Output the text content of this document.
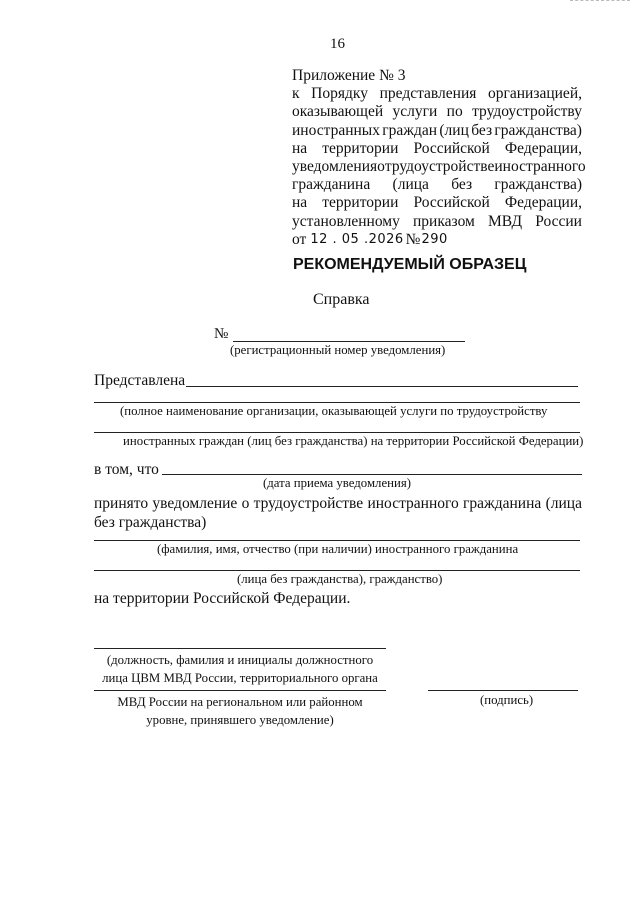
16
Приложение № 3
к Порядку представления организацией,
оказывающей услуги по трудоустройству
иностранных граждан (лиц без гражданства)
на территории Российской Федерации,
уведомления о трудоустройстве иностранного
гражданина (лица без гражданства)
на территории Российской Федерации,
установленному приказом МВД России
от 12 . 05 .2026 № 290
РЕКОМЕНДУЕМЫЙ ОБРАЗЕЦ
Справка
№
(регистрационный номер уведомления)
Представлена
(полное наименование организации, оказывающей услуги по трудоустройству
иностранных граждан (лиц без гражданства) на территории Российской Федерации)
в том, что
(дата приема уведомления)
принято уведомление о трудоустройстве иностранного гражданина (лица
без гражданства)
(фамилия, имя, отчество (при наличии) иностранного гражданина
(лица без гражданства), гражданство)
на территории Российской Федерации.
(должность, фамилия и инициалы должностного
лица ЦВМ МВД России, территориального органа
МВД России на региональном или районном
уровне, принявшего уведомление)
(подпись)
